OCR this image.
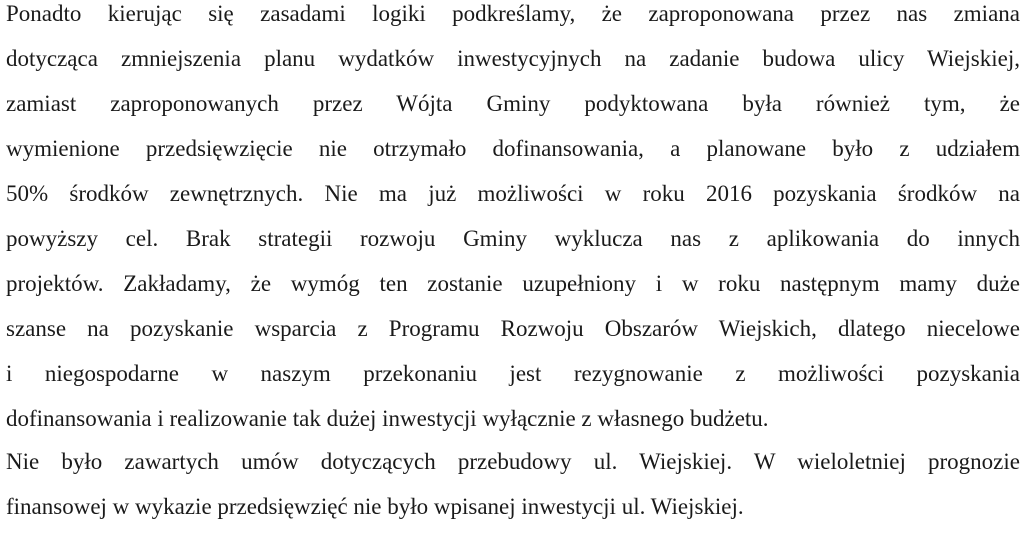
Ponadto kierując się zasadami logiki podkreślamy, że zaproponowana przez nas zmiana
dotycząca zmniejszenia planu wydatków inwestycyjnych na zadanie budowa ulicy Wiejskiej,
zamiast zaproponowanych przez Wójta Gminy podyktowana była również tym, że
wymienione przedsięwzięcie nie otrzymało dofinansowania, a planowane było z udziałem
50% środków zewnętrznych. Nie ma już możliwości w roku 2016 pozyskania środków na
powyższy cel. Brak strategii rozwoju Gminy wyklucza nas z aplikowania do innych
projektów. Zakładamy, że wymóg ten zostanie uzupełniony i w roku następnym mamy duże
szanse na pozyskanie wsparcia z Programu Rozwoju Obszarów Wiejskich, dlatego niecelowe
i niegospodarne w naszym przekonaniu jest rezygnowanie z możliwości pozyskania
dofinansowania i realizowanie tak dużej inwestycji wyłącznie z własnego budżetu.
Nie było zawartych umów dotyczących przebudowy ul. Wiejskiej. W wieloletniej prognozie
finansowej w wykazie przedsięwzięć nie było wpisanej inwestycji ul. Wiejskiej.
